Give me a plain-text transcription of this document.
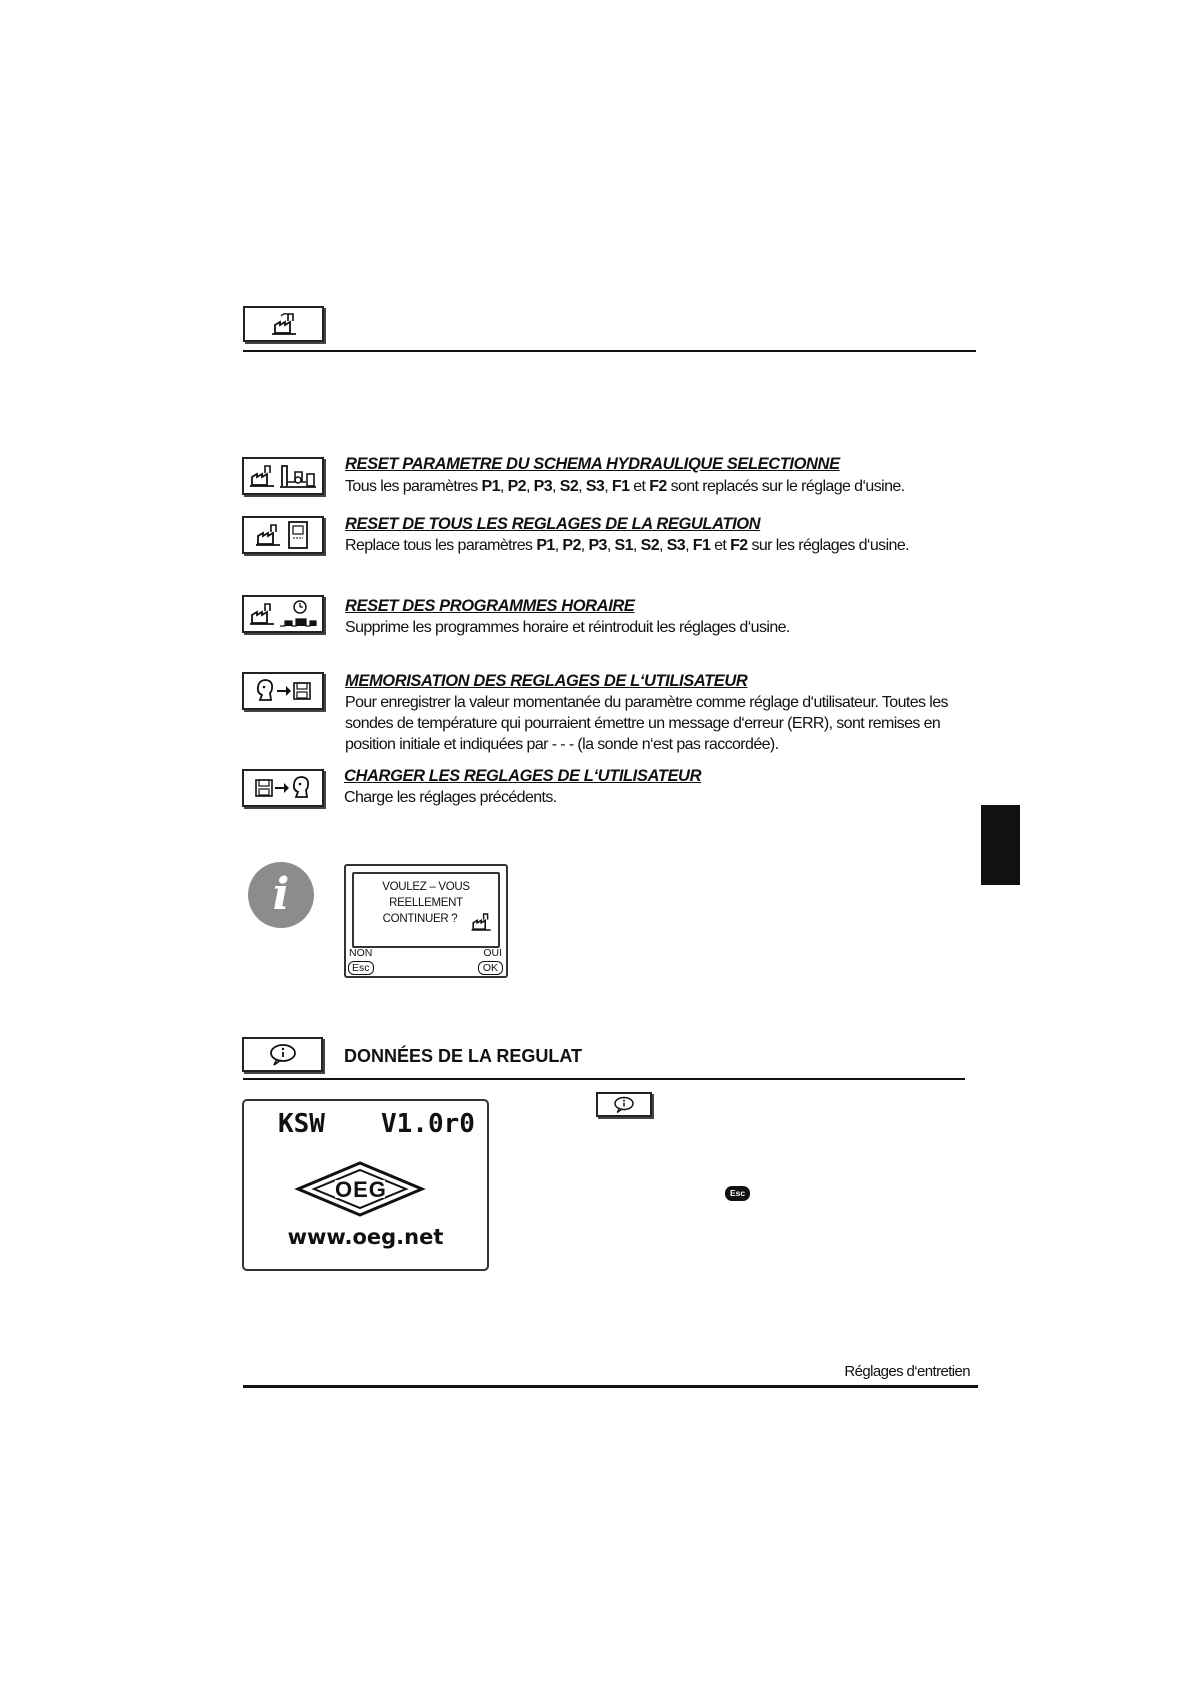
RESET PARAMETRE DU SCHEMA HYDRAULIQUE SELECTIONNE
Tous les paramètres P1, P2, P3, S2, S3, F1 et F2 sont replacés sur le réglage d‘usine.
RESET DE TOUS LES REGLAGES DE LA REGULATION
Replace tous les paramètres P1, P2, P3, S1, S2, S3, F1 et F2 sur les réglages d‘usine.
RESET DES PROGRAMMES HORAIRE
Supprime les programmes horaire et réintroduit les réglages d‘usine.
MEMORISATION DES REGLAGES DE L‘UTILISATEUR
Pour enregistrer la valeur momentanée du paramètre comme réglage d‘utilisateur. Toutes les sondes de température qui pourraient émettre un message d‘erreur (ERR), sont remises en position initiale et indiquées par - - - (la sonde n‘est pas raccordée).
CHARGER LES REGLAGES DE L‘UTILISATEUR
Charge les réglages précédents.
i	VOULEZ – VOUS
REELLEMENT
CONTINUER ?
NON
Esc
OUI
OK
DONNÉES DE LA REGULAT
KSW V1.0r0
OEG
www.oeg.net
Esc
Réglages d‘entretien
